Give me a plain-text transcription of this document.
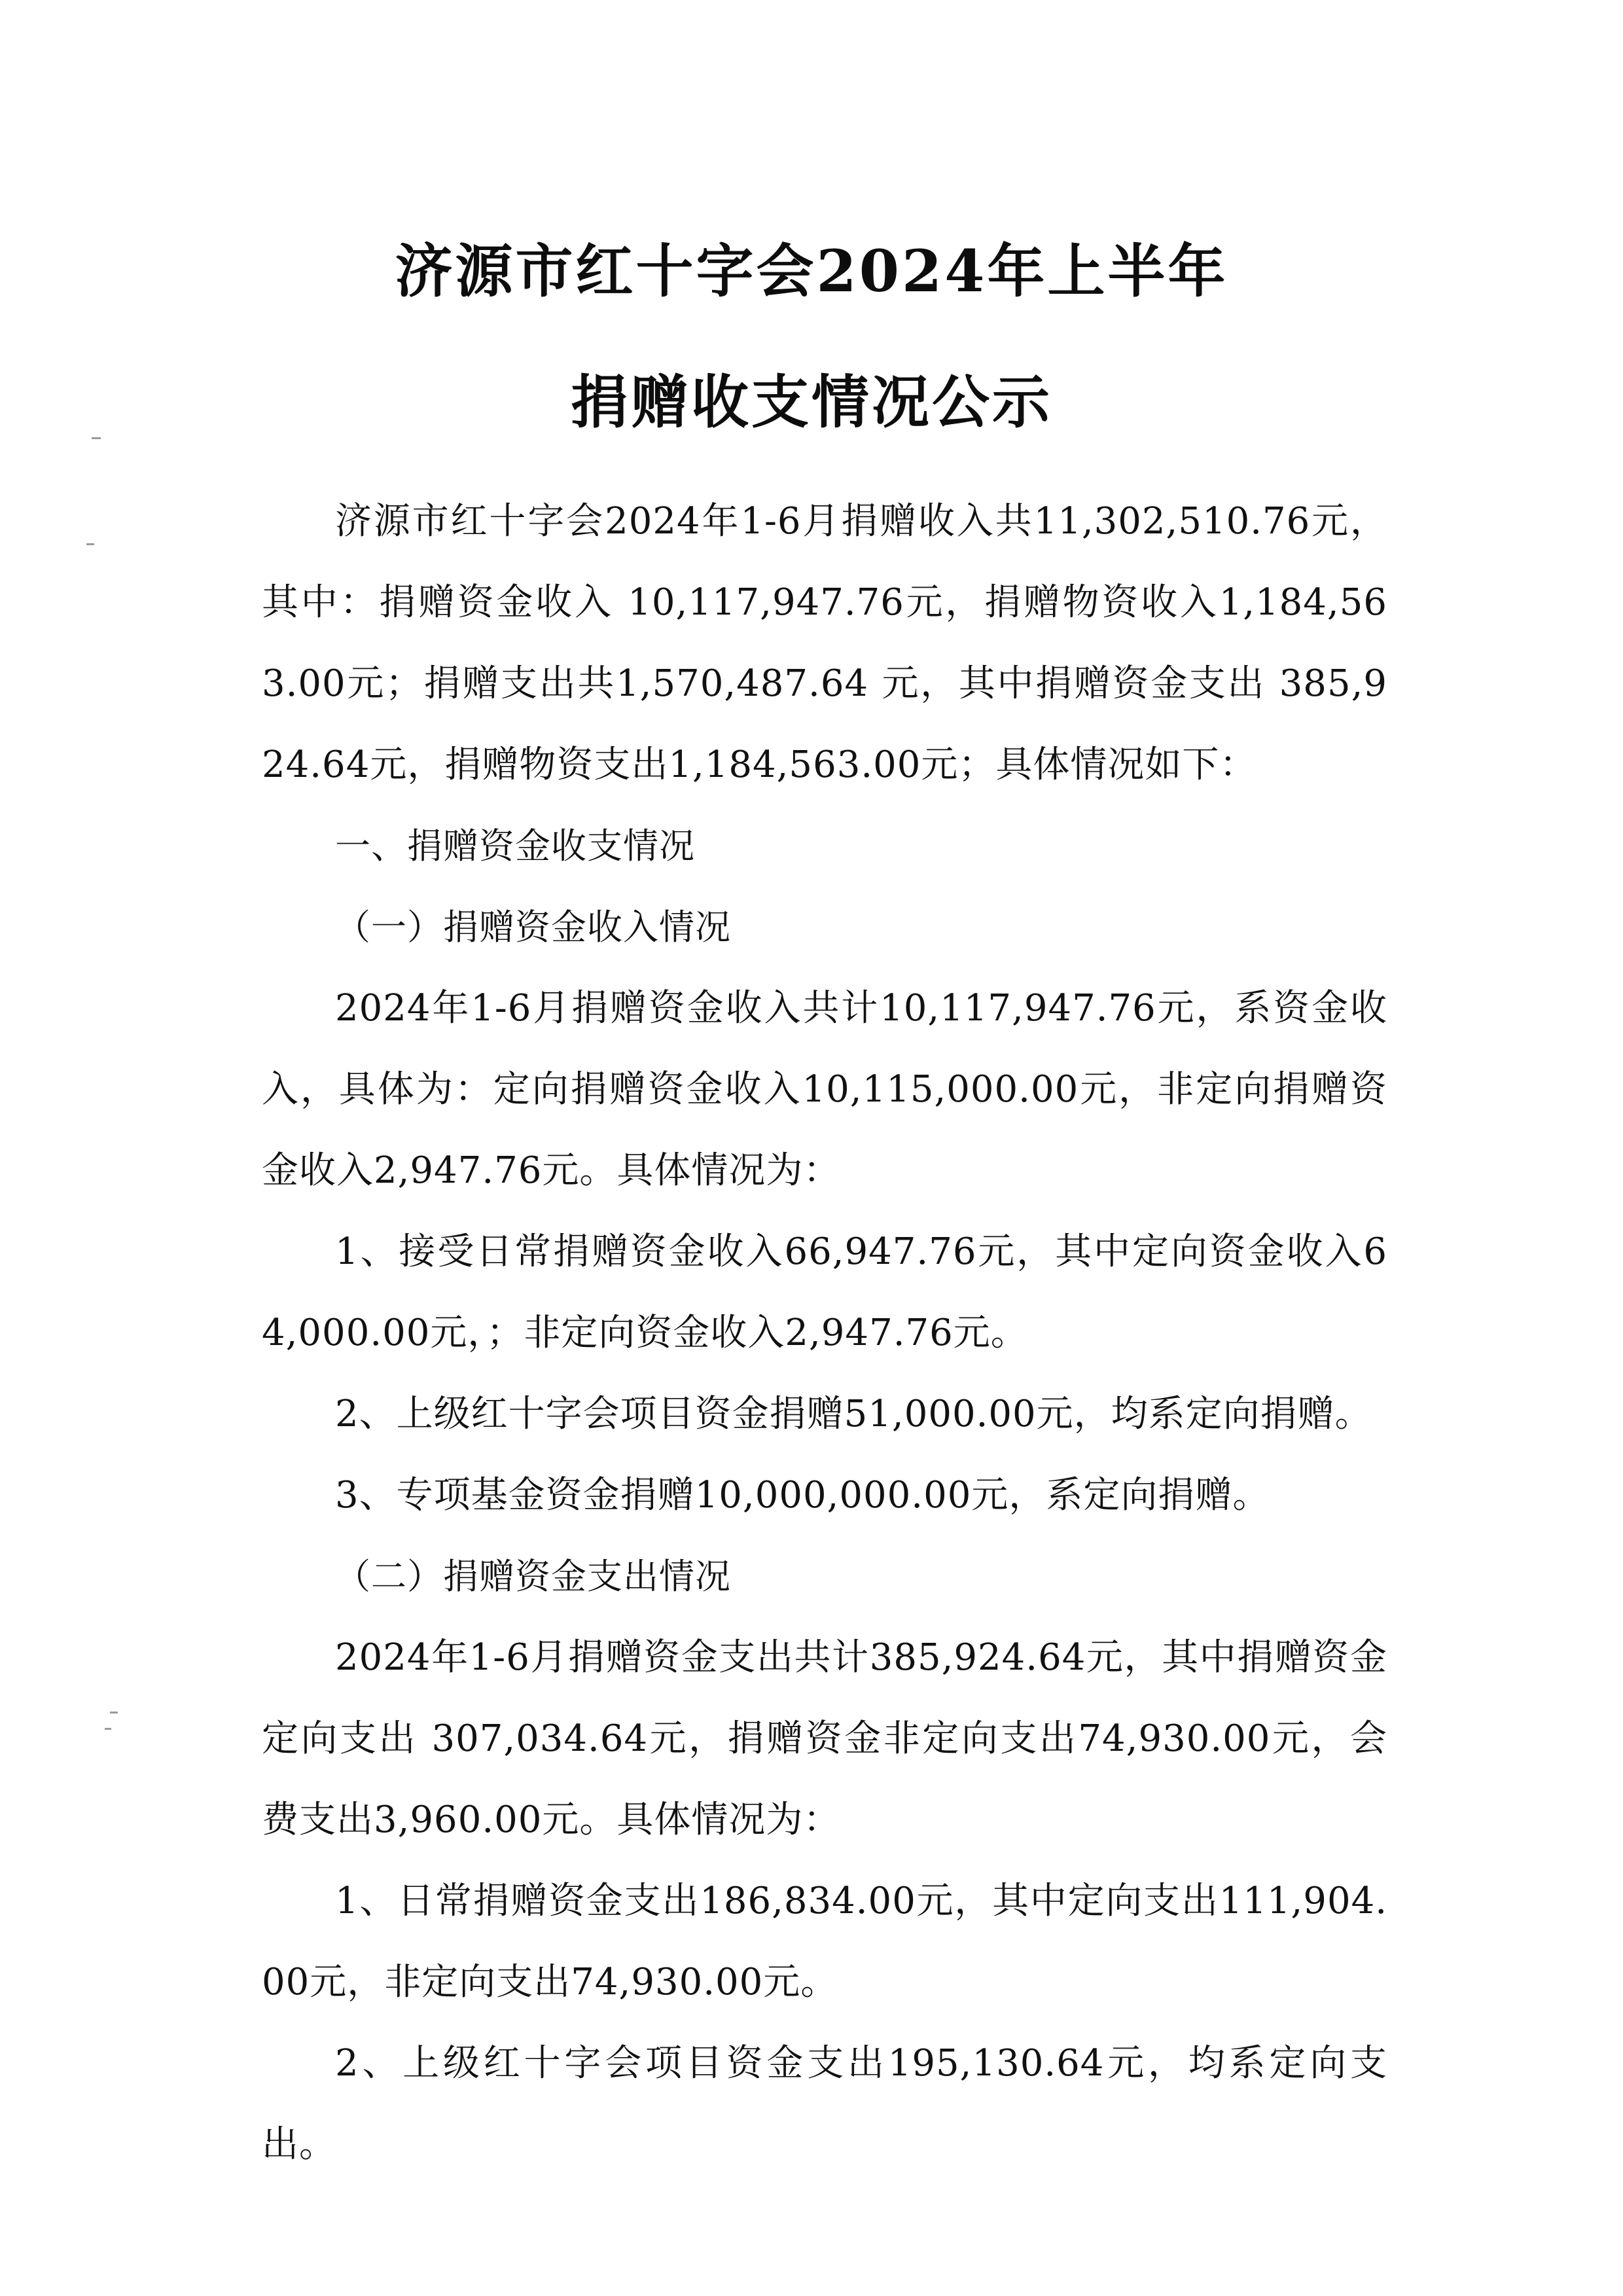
济源市红十字会2024年上半年
捐赠收支情况公示

济源市红十字会2024年1-6月捐赠收入共11,302,510.76元，其中：捐赠资金收入 10,117,947.76元，捐赠物资收入1,184,563.00元；捐赠支出共1,570,487.64 元，其中捐赠资金支出 385,924.64元，捐赠物资支出1,184,563.00元；具体情况如下：

一、捐赠资金收支情况

（一）捐赠资金收入情况

2024年1-6月捐赠资金收入共计10,117,947.76元，系资金收入，具体为：定向捐赠资金收入10,115,000.00元，非定向捐赠资金收入2,947.76元。具体情况为：

1、接受日常捐赠资金收入66,947.76元，其中定向资金收入64,000.00元，；非定向资金收入2,947.76元。

2、上级红十字会项目资金捐赠51,000.00元，均系定向捐赠。

3、专项基金资金捐赠10,000,000.00元，系定向捐赠。

（二）捐赠资金支出情况

2024年1-6月捐赠资金支出共计385,924.64元，其中捐赠资金定向支出 307,034.64元，捐赠资金非定向支出74,930.00元，会费支出3,960.00元。具体情况为：

1、日常捐赠资金支出186,834.00元，其中定向支出111,904.00元，非定向支出74,930.00元。

2、上级红十字会项目资金支出195,130.64元，均系定向支出。
